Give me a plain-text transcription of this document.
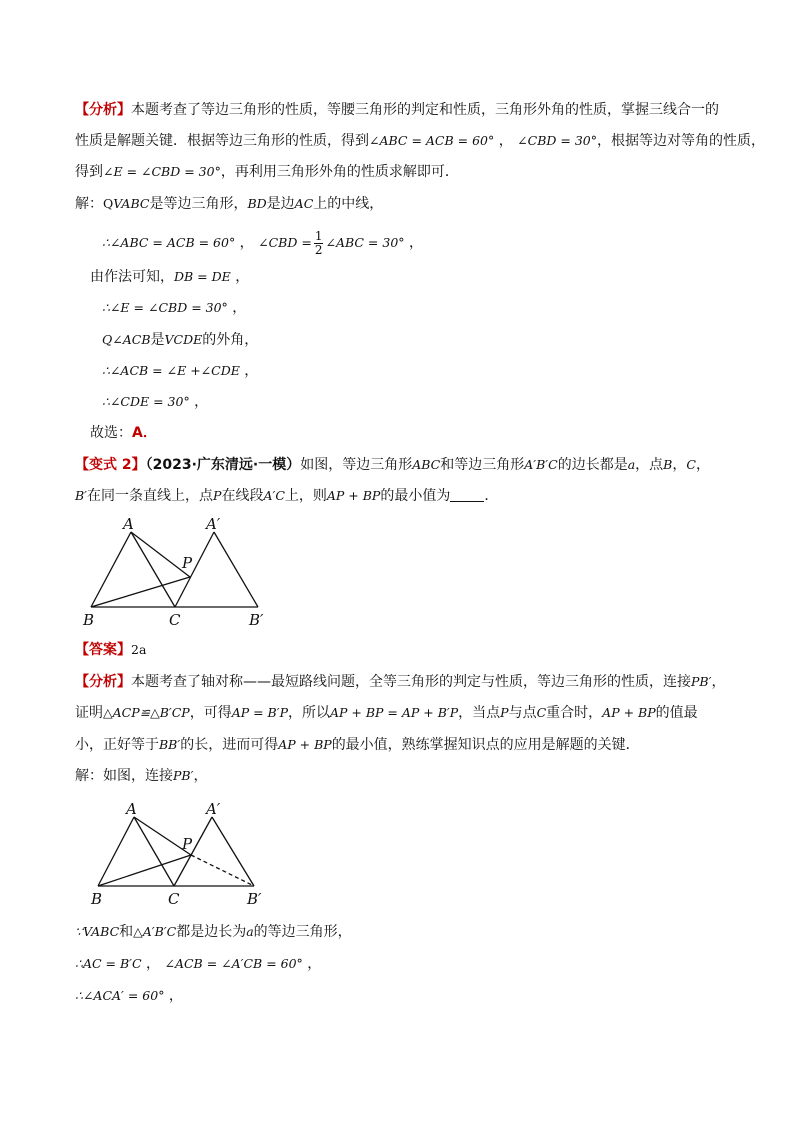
【分析】本题考查了等边三角形的性质，等腰三角形的判定和性质，三角形外角的性质，掌握三线合一的
性质是解题关键．根据等边三角形的性质，得到∠ABC = ACB = 60° ， ∠CBD = 30°，根据等边对等角的性质，
得到∠E = ∠CBD = 30°，再利用三角形外角的性质求解即可．
解：QVABC是等边三角形，BD是边AC上的中线，
∴∠ABC = ACB = 60° ， ∠CBD = $\frac{1}{2}$ ∠ABC = 30° ，
由作法可知，DB = DE ，
∴∠E = ∠CBD = 30° ，
Q∠ACB是VCDE的外角，
∴∠ACB = ∠E +∠CDE ，
∴∠CDE = 30° ，
故选：A．
【变式 2】（2023·广东清远·一模）如图，等边三角形ABC和等边三角形A′B′C的边长都是a，点B，C，
B′在同一条直线上，点P在线段A′C上，则AP + BP的最小值为 ．
A	A′
P
B	C	B′
【答案】2a
【分析】本题考查了轴对称——最短路线问题，全等三角形的判定与性质，等边三角形的性质，连接PB′，
证明△ACP≌△B′CP，可得AP = B′P，所以AP + BP = AP + B′P，当点P与点C重合时，AP + BP的值最
小，正好等于BB′的长，进而可得AP + BP的最小值，熟练掌握知识点的应用是解题的关键．
解：如图，连接PB′，
A	A′
P
B	C	B′
∵VABC和△A′B′C都是边长为a的等边三角形，
∴AC = B′C ， ∠ACB = ∠A′CB = 60° ，
∴∠ACA′ = 60° ，
